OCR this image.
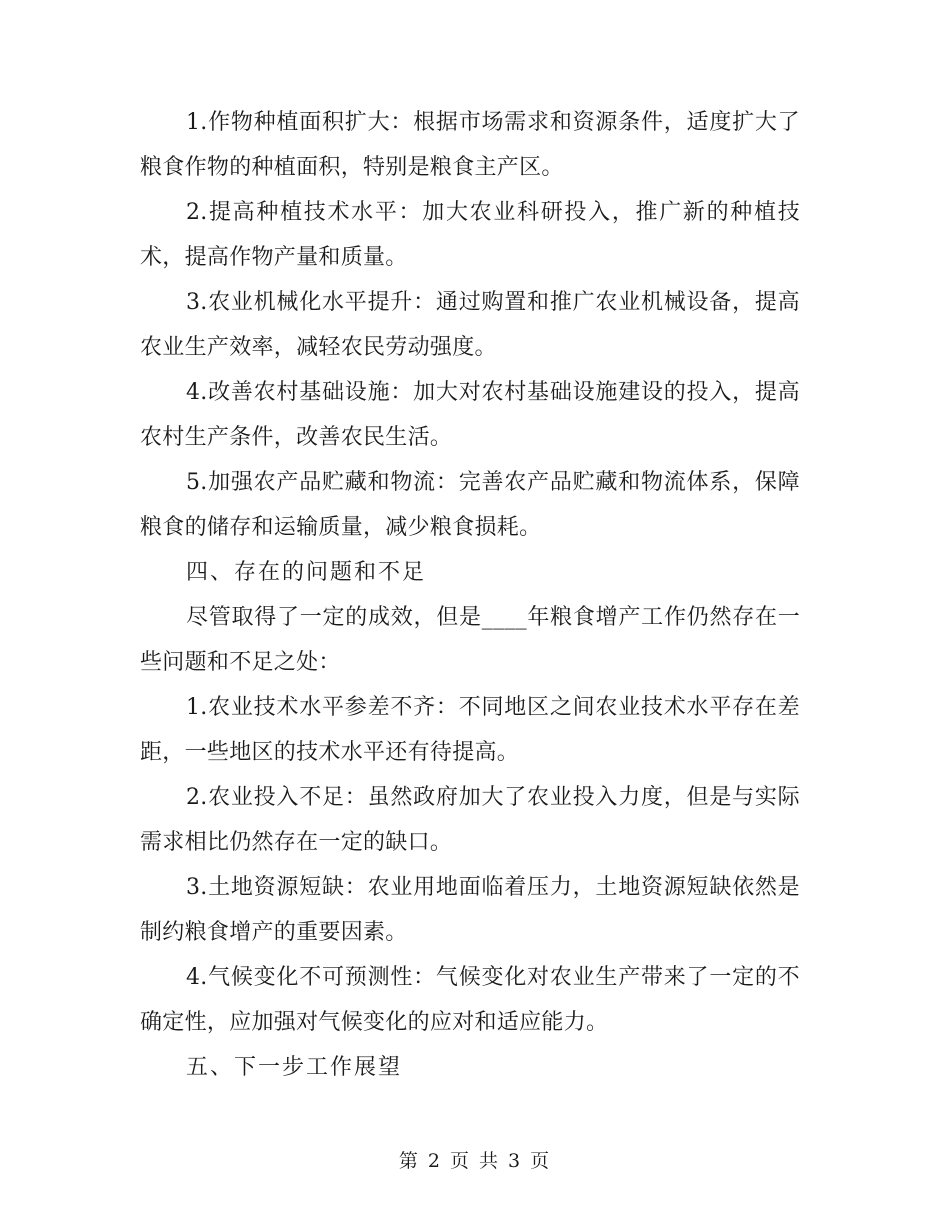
1.作物种植面积扩大：根据市场需求和资源条件，适度扩大了粮食作物的种植面积，特别是粮食主产区。

2.提高种植技术水平：加大农业科研投入，推广新的种植技术，提高作物产量和质量。

3.农业机械化水平提升：通过购置和推广农业机械设备，提高农业生产效率，减轻农民劳动强度。

4.改善农村基础设施：加大对农村基础设施建设的投入，提高农村生产条件，改善农民生活。

5.加强农产品贮藏和物流：完善农产品贮藏和物流体系，保障粮食的储存和运输质量，减少粮食损耗。

四、存在的问题和不足

尽管取得了一定的成效，但是____年粮食增产工作仍然存在一些问题和不足之处：

1.农业技术水平参差不齐：不同地区之间农业技术水平存在差距，一些地区的技术水平还有待提高。

2.农业投入不足：虽然政府加大了农业投入力度，但是与实际需求相比仍然存在一定的缺口。

3.土地资源短缺：农业用地面临着压力，土地资源短缺依然是制约粮食增产的重要因素。

4.气候变化不可预测性：气候变化对农业生产带来了一定的不确定性，应加强对气候变化的应对和适应能力。

五、下一步工作展望

第 2 页 共 3 页
